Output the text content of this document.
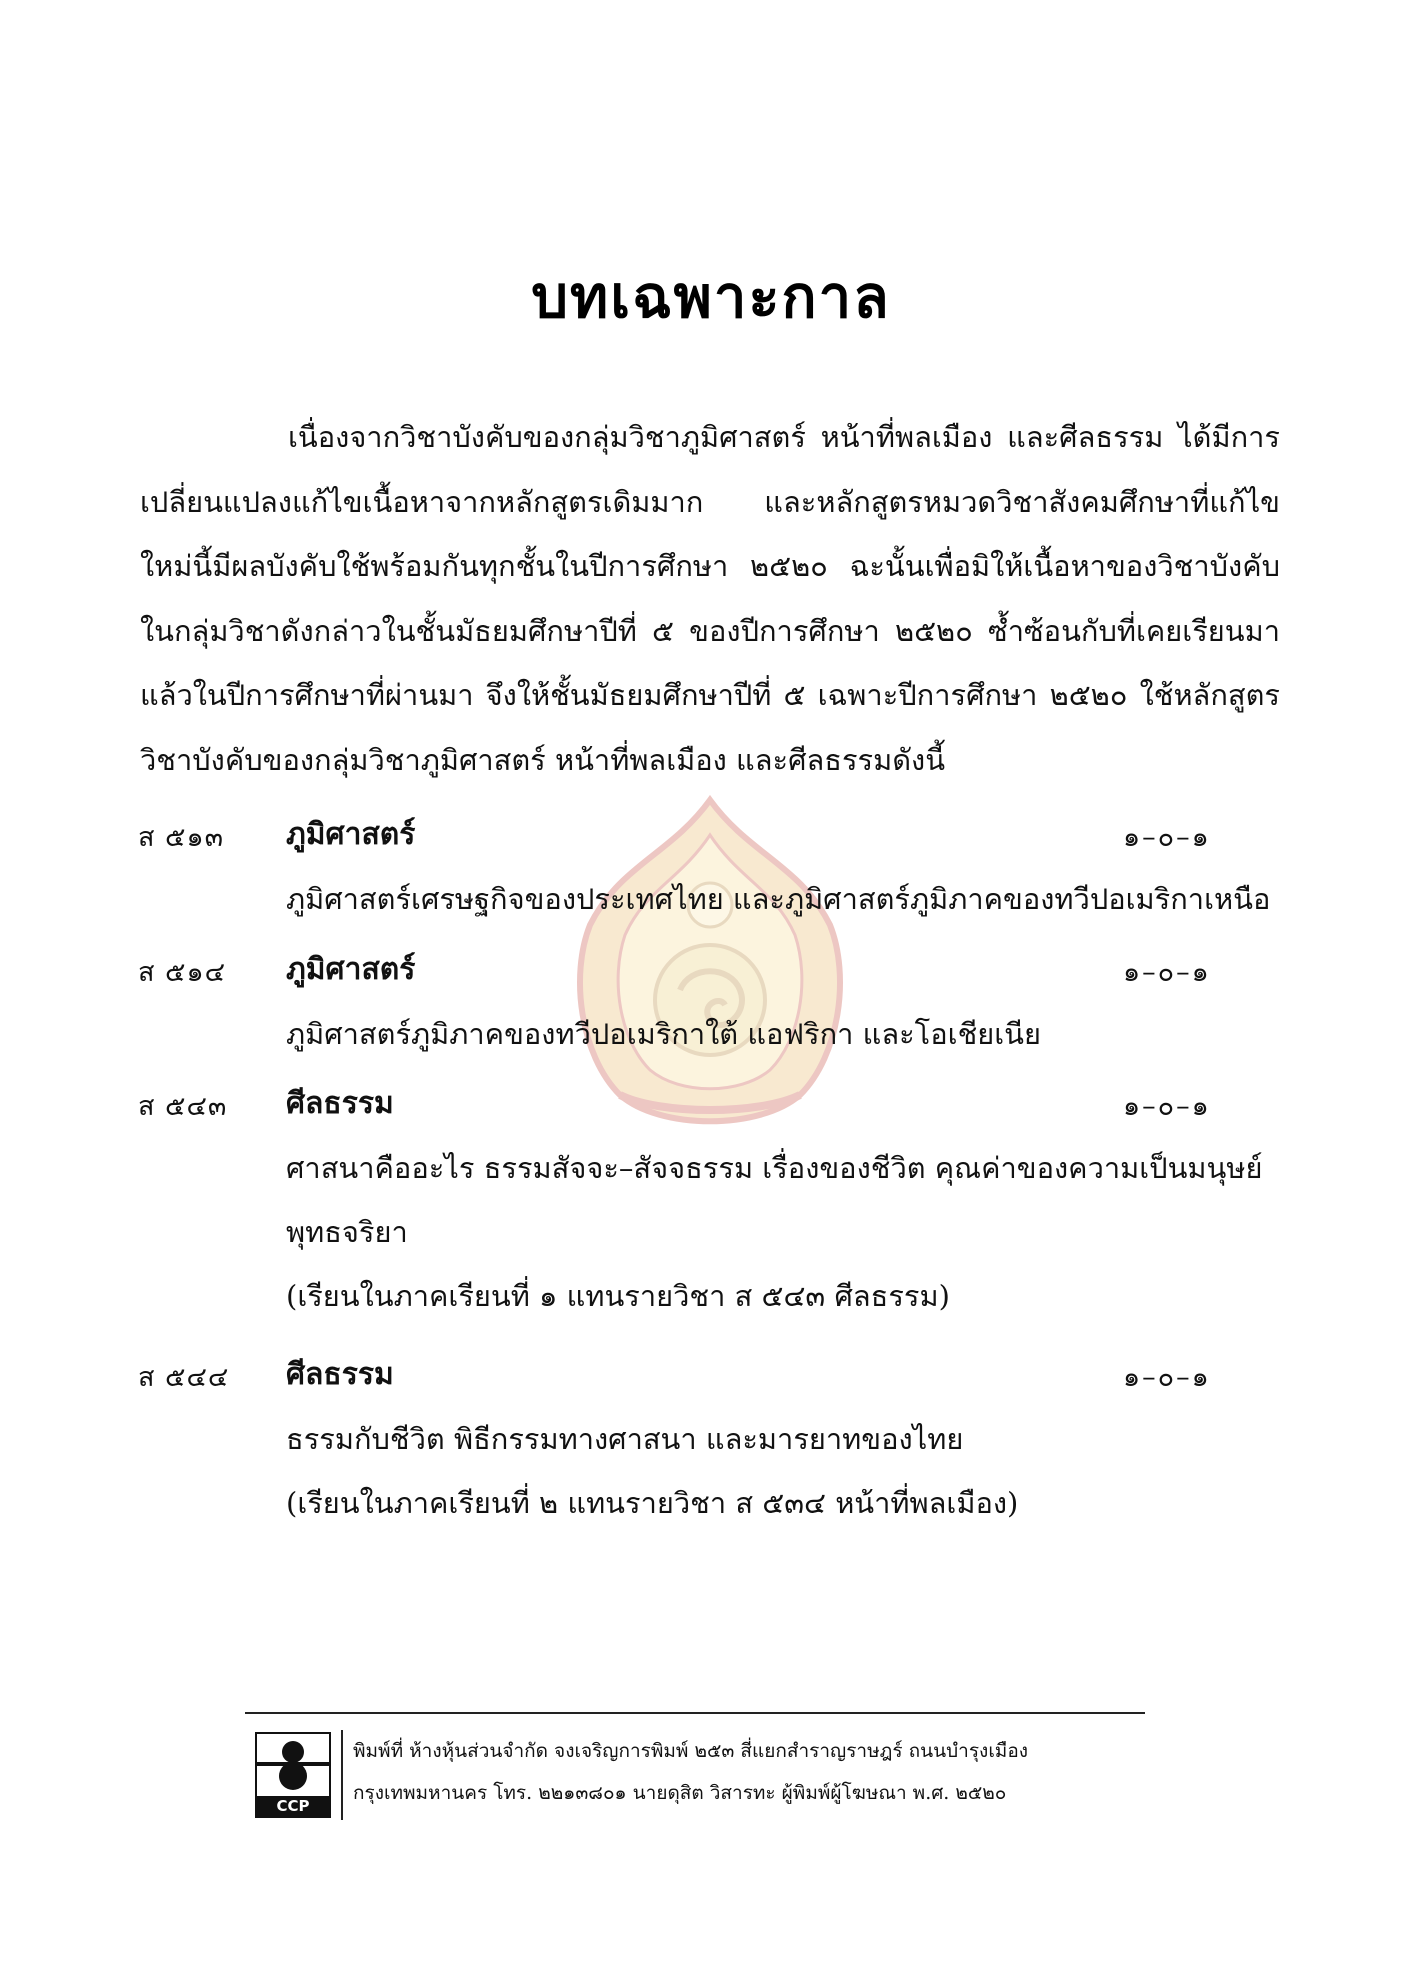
บทเฉพาะกาล

เนื่องจากวิชาบังคับของกลุ่มวิชาภูมิศาสตร์ หน้าที่พลเมือง และศีลธรรม ได้มีการเปลี่ยนแปลงแก้ไขเนื้อหาจากหลักสูตรเดิมมาก และหลักสูตรหมวดวิชาสังคมศึกษาที่แก้ไขใหม่นี้มีผลบังคับใช้พร้อมกันทุกชั้นในปีการศึกษา ๒๕๒๐ ฉะนั้นเพื่อมิให้เนื้อหาของวิชาบังคับในกลุ่มวิชาดังกล่าวในชั้นมัธยมศึกษาปีที่ ๕ ของปีการศึกษา ๒๕๒๐ ซ้ำซ้อนกับที่เคยเรียนมาแล้วในปีการศึกษาที่ผ่านมา จึงให้ชั้นมัธยมศึกษาปีที่ ๕ เฉพาะปีการศึกษา ๒๕๒๐ ใช้หลักสูตรวิชาบังคับของกลุ่มวิชาภูมิศาสตร์ หน้าที่พลเมือง และศีลธรรมดังนี้

ส ๕๑๓ ภูมิศาสตร์	๑–๐–๑
ภูมิศาสตร์เศรษฐกิจของประเทศไทย และภูมิศาสตร์ภูมิภาคของทวีปอเมริกาเหนือ
ส ๕๑๔ ภูมิศาสตร์	๑–๐–๑
ภูมิศาสตร์ภูมิภาคของทวีปอเมริกาใต้ แอฟริกา และโอเชียเนีย
ส ๕๔๓ ศีลธรรม	๑–๐–๑
ศาสนาคืออะไร ธรรมสัจจะ–สัจจธรรม เรื่องของชีวิต คุณค่าของความเป็นมนุษย์
พุทธจริยา
(เรียนในภาคเรียนที่ ๑ แทนรายวิชา ส ๕๔๓ ศีลธรรม)
ส ๕๔๔ ศีลธรรม	๑–๐–๑
ธรรมกับชีวิต พิธีกรรมทางศาสนา และมารยาทของไทย
(เรียนในภาคเรียนที่ ๒ แทนรายวิชา ส ๕๓๔ หน้าที่พลเมือง)
CCP
พิมพ์ที่ ห้างหุ้นส่วนจำกัด จงเจริญการพิมพ์ ๒๕๓ สี่แยกสำราญราษฎร์ ถนนบำรุงเมือง
กรุงเทพมหานคร โทร. ๒๒๑๓๘๐๑ นายดุสิต วิสารทะ ผู้พิมพ์ผู้โฆษณา พ.ศ. ๒๕๒๐
